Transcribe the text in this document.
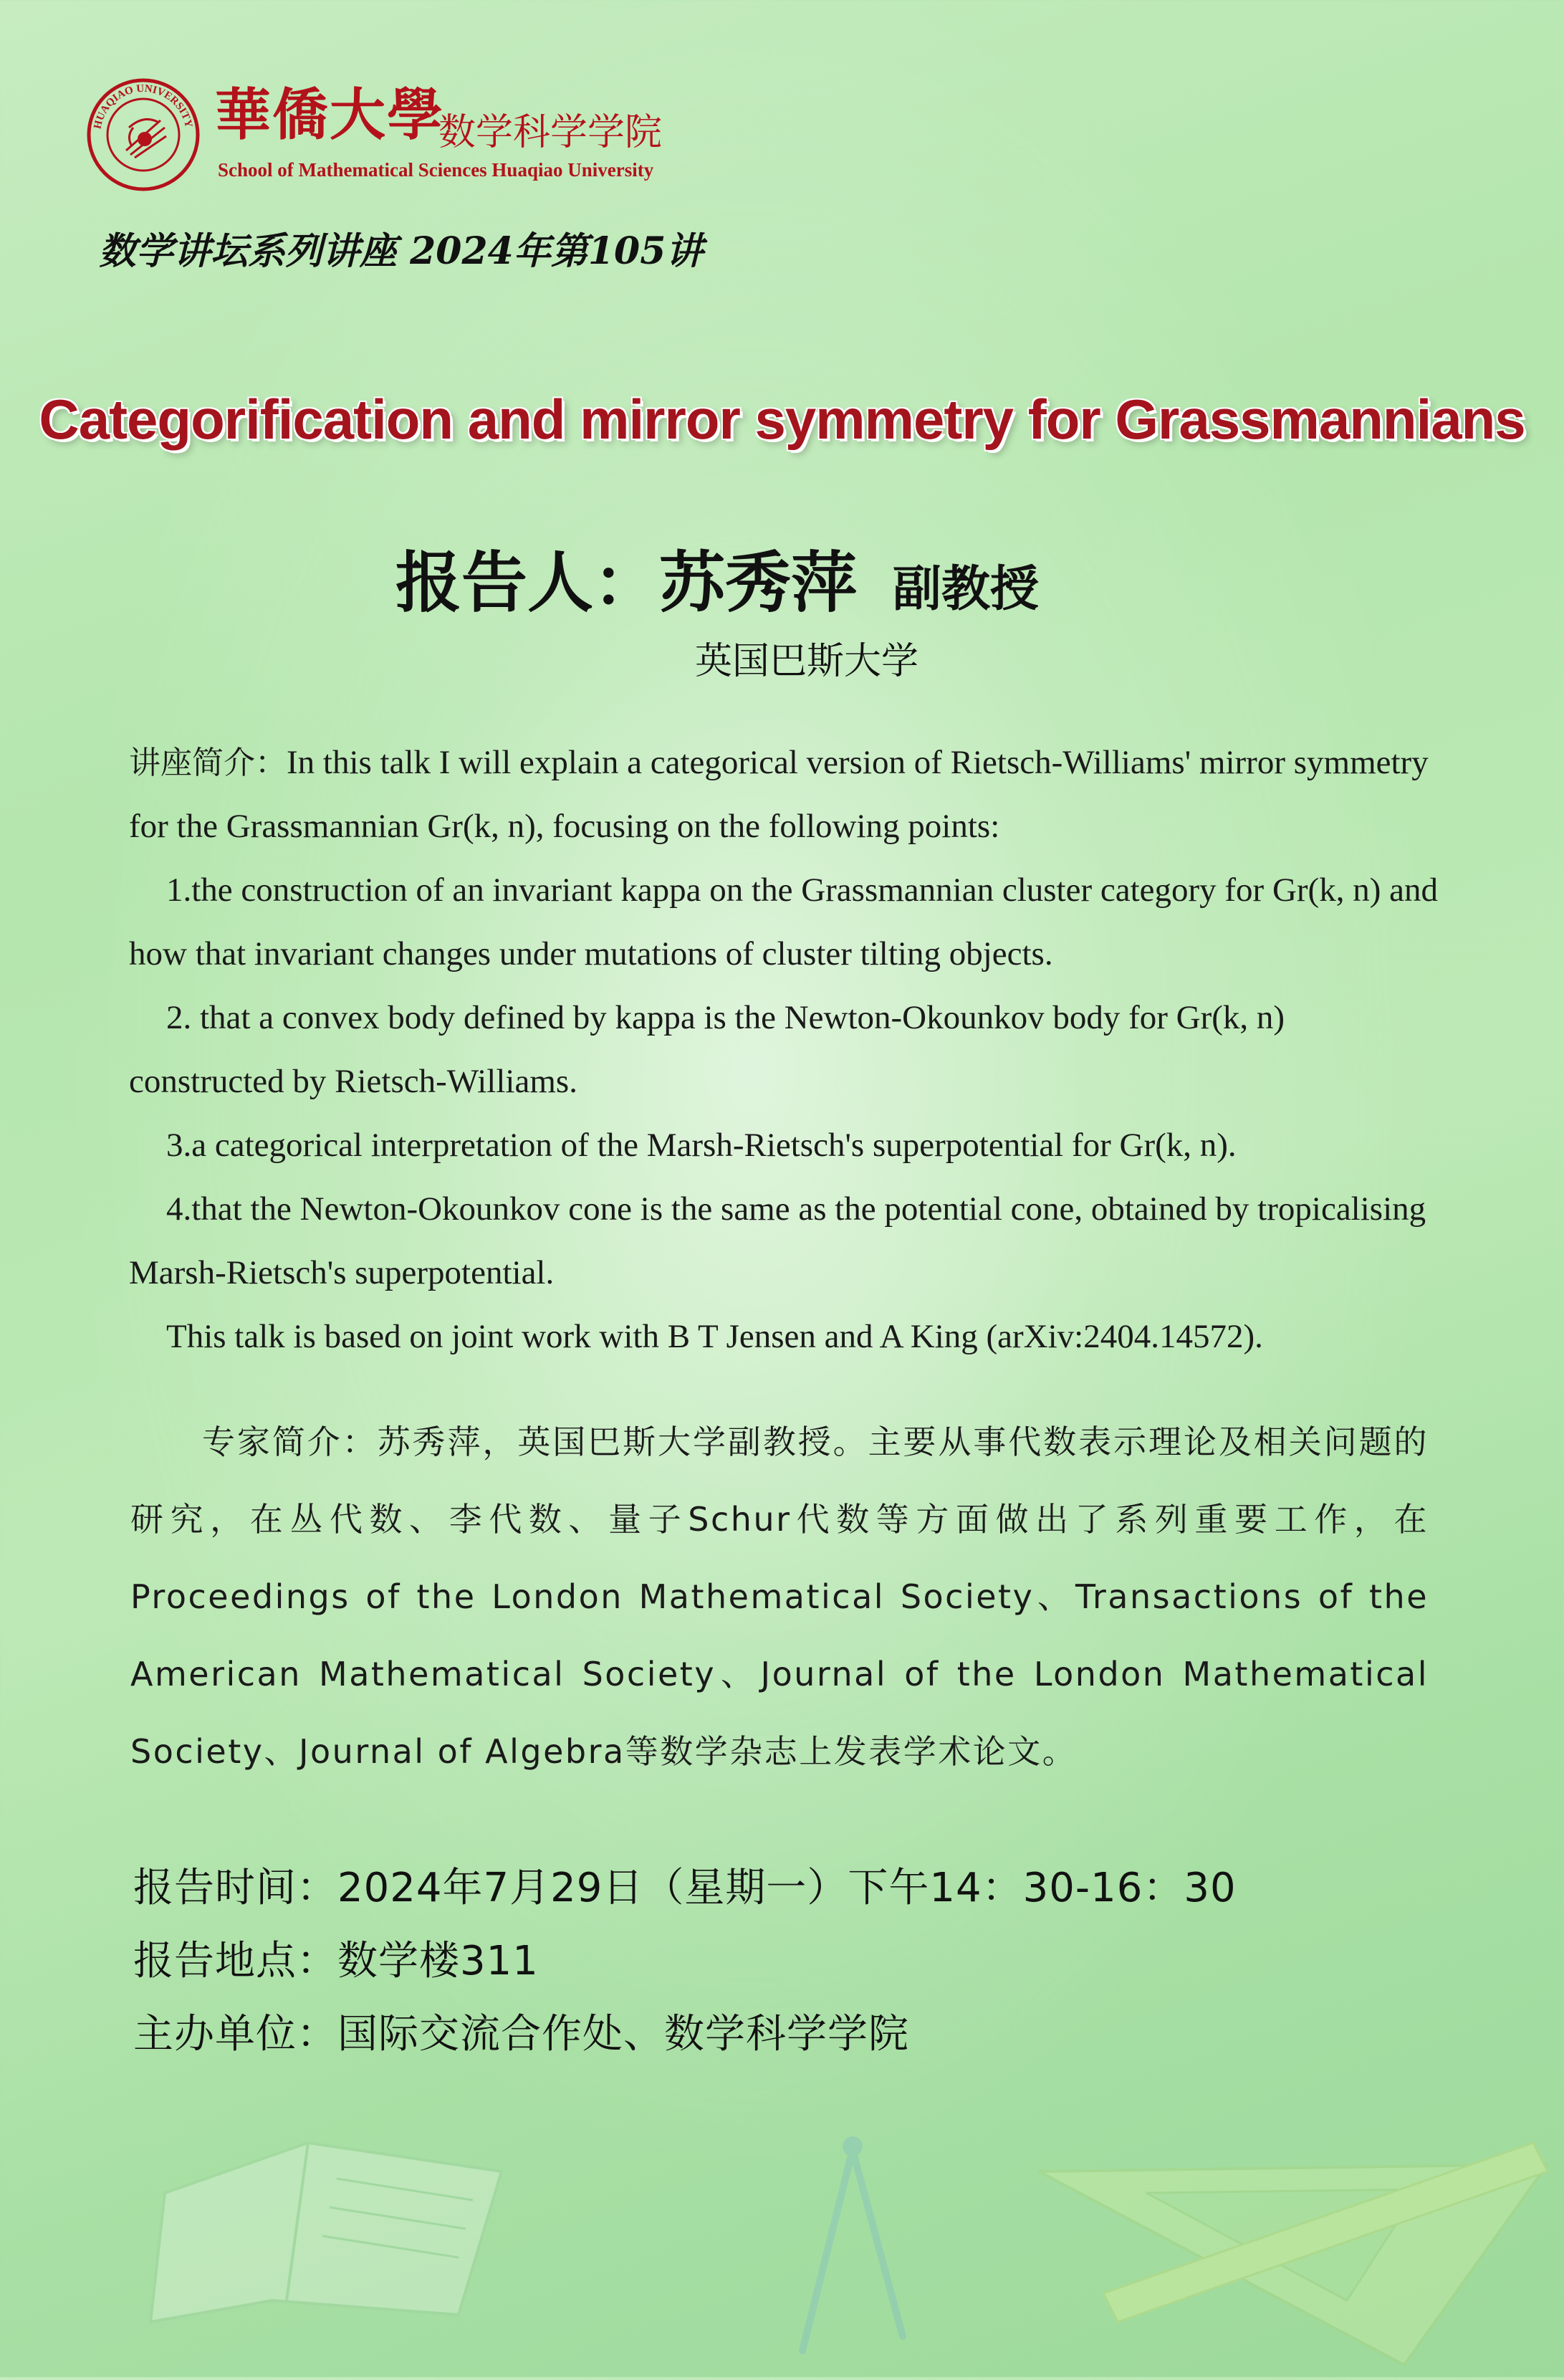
HUAQIAO UNIVERSITY 華僑大學
数学科学学院
School of Mathematical Sciences Huaqiao University
数学讲坛系列讲座 2024年第105讲
Categorification and mirror symmetry for Grassmannians
报告人：苏秀萍 副教授
英国巴斯大学

讲座简介：In this talk I will explain a categorical version of Rietsch-Williams' mirror symmetry for the Grassmannian Gr(k, n), focusing on the following points:

1.the construction of an invariant kappa on the Grassmannian cluster category for Gr(k, n) and how that invariant changes under mutations of cluster tilting objects.

2. that a convex body defined by kappa is the Newton-Okounkov body for Gr(k, n) constructed by Rietsch-Williams.

3.a categorical interpretation of the Marsh-Rietsch's superpotential for Gr(k, n).

4.that the Newton-Okounkov cone is the same as the potential cone, obtained by tropicalising Marsh-Rietsch's superpotential.

This talk is based on joint work with B T Jensen and A King (arXiv:2404.14572).

专家简介：苏秀萍，英国巴斯大学副教授。主要从事代数表示理论及相关问题的研究，在丛代数、李代数、量子Schur代数等方面做出了系列重要工作，在Proceedings of the London Mathematical Society、Transactions of the American Mathematical Society、Journal of the London Mathematical Society、Journal of Algebra等数学杂志上发表学术论文。
报告时间：2024年7月29日（星期一）下午14：30-16：30
报告地点：数学楼311
主办单位：国际交流合作处、数学科学学院
